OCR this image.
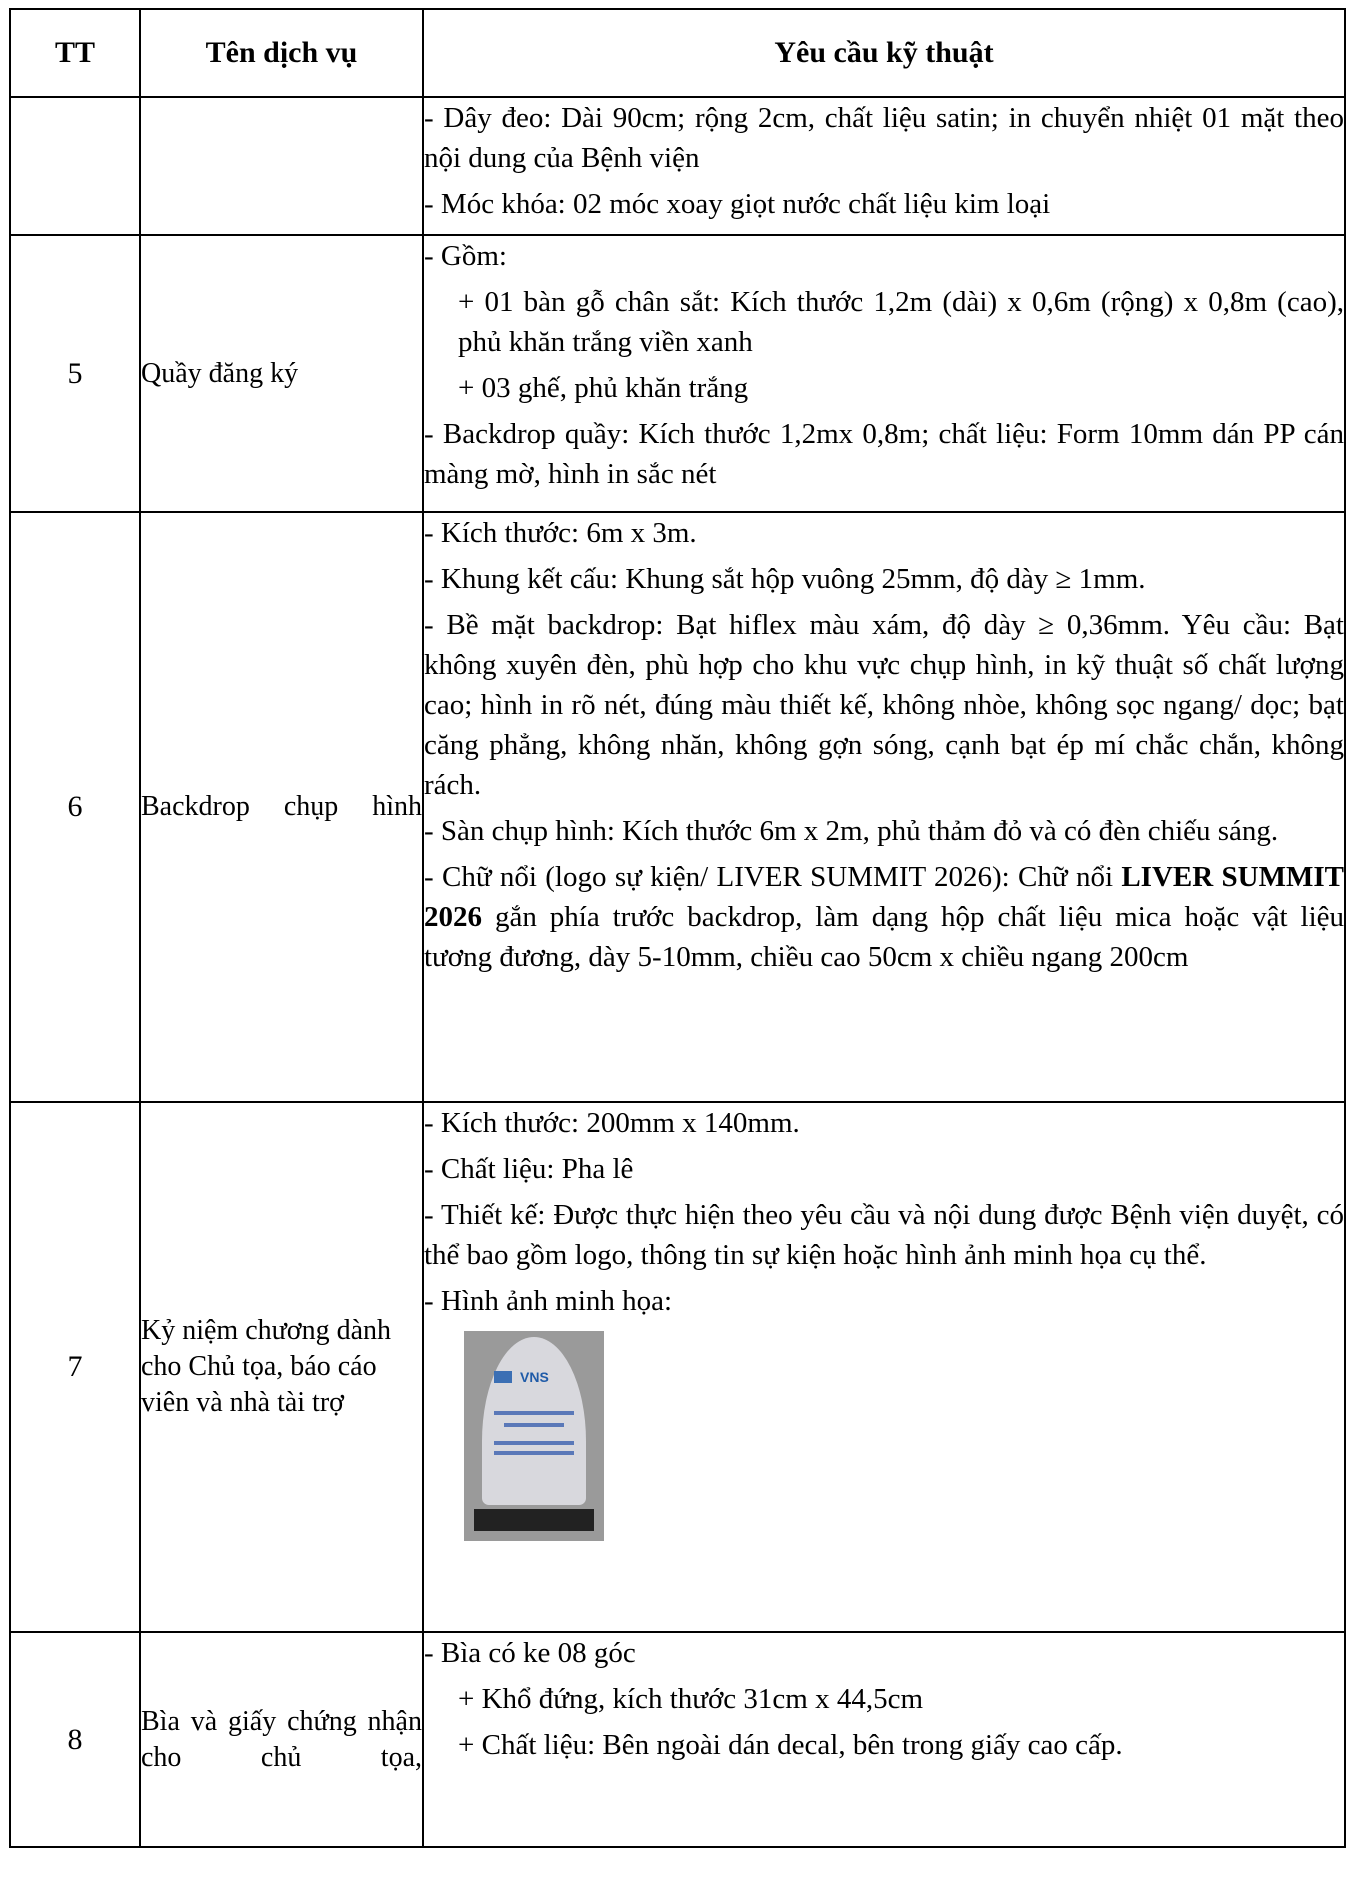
TT	Tên dịch vụ	Yêu cầu kỹ thuật

		- Dây đeo: Dài 90cm; rộng 2cm, chất liệu satin; in chuyển nhiệt 01 mặt theo nội dung của Bệnh viện
- Móc khóa: 02 móc xoay giọt nước chất liệu kim loại

5	Quầy đăng ký	- Gồm:
+ 01 bàn gỗ chân sắt: Kích thước 1,2m (dài) x 0,6m (rộng) x 0,8m (cao), phủ khăn trắng viền xanh
+ 03 ghế, phủ khăn trắng
- Backdrop quầy: Kích thước 1,2mx 0,8m; chất liệu: Form 10mm dán PP cán màng mờ, hình in sắc nét

6	Backdrop chụp hình	- Kích thước: 6m x 3m.
- Khung kết cấu: Khung sắt hộp vuông 25mm, độ dày ≥ 1mm.
- Bề mặt backdrop: Bạt hiflex màu xám, độ dày ≥ 0,36mm. Yêu cầu: Bạt không xuyên đèn, phù hợp cho khu vực chụp hình, in kỹ thuật số chất lượng cao; hình in rõ nét, đúng màu thiết kế, không nhòe, không sọc ngang/ dọc; bạt căng phẳng, không nhăn, không gợn sóng, cạnh bạt ép mí chắc chắn, không rách.
- Sàn chụp hình: Kích thước 6m x 2m, phủ thảm đỏ và có đèn chiếu sáng.
- Chữ nổi (logo sự kiện/ LIVER SUMMIT 2026): Chữ nổi LIVER SUMMIT 2026 gắn phía trước backdrop, làm dạng hộp chất liệu mica hoặc vật liệu tương đương, dày 5-10mm, chiều cao 50cm x chiều ngang 200cm

7	Kỷ niệm chương dành cho Chủ tọa, báo cáo viên và nhà tài trợ	- Kích thước: 200mm x 140mm.
- Chất liệu: Pha lê
- Thiết kế: Được thực hiện theo yêu cầu và nội dung được Bệnh viện duyệt, có thể bao gồm logo, thông tin sự kiện hoặc hình ảnh minh họa cụ thể.
- Hình ảnh minh họa:
VNS

8	Bìa và giấy chứng nhận cho chủ tọa,	- Bìa có ke 08 góc
+ Khổ đứng, kích thước 31cm x 44,5cm
+ Chất liệu: Bên ngoài dán decal, bên trong giấy cao cấp.
